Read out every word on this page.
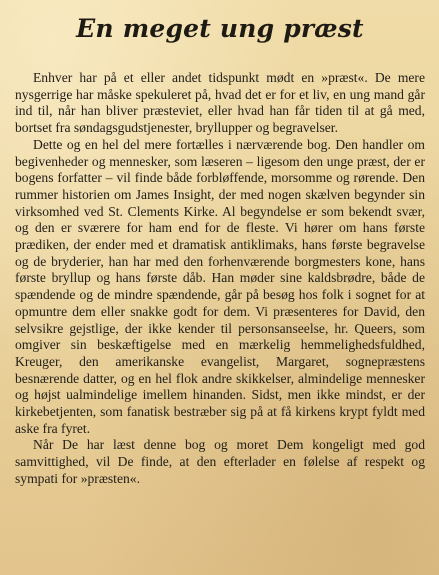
En meget ung præst

Enhver har på et eller andet tidspunkt mødt en »præst«. De mere nysgerrige har måske spekuleret på, hvad det er for et liv, en ung mand går ind til, når han bliver præsteviet, eller hvad han får tiden til at gå med, bortset fra søndagsgudstjenester, bryllupper og begravelser.

Dette og en hel del mere fortælles i nærværende bog. Den handler om begivenheder og mennesker, som læseren – ligesom den unge præst, der er bogens forfatter – vil finde både forbløffende, morsomme og rørende. Den rummer historien om James Insight, der med nogen skælven begynder sin virksomhed ved St. Clements Kirke. Al begyndelse er som bekendt svær, og den er sværere for ham end for de fleste. Vi hører om hans første prædiken, der ender med et dramatisk antiklimaks, hans første begravelse og de bryderier, han har med den forhenværende borgmesters kone, hans første bryllup og hans første dåb. Han møder sine kaldsbrødre, både de spændende og de mindre spændende, går på besøg hos folk i sognet for at opmuntre dem eller snakke godt for dem. Vi præsenteres for David, den selvsikre gejstlige, der ikke kender til personsanseelse, hr. Queers, som omgiver sin beskæftigelse med en mærkelig hemmelighedsfuldhed, Kreuger, den amerikanske evangelist, Margaret, sognepræstens besnærende datter, og en hel flok andre skikkelser, almindelige mennesker og højst ualmindelige imellem hinanden. Sidst, men ikke mindst, er der kirkebetjenten, som fanatisk bestræber sig på at få kirkens krypt fyldt med aske fra fyret.

Når De har læst denne bog og moret Dem kongeligt med god samvittighed, vil De finde, at den efterlader en følelse af respekt og sympati for »præsten«.
